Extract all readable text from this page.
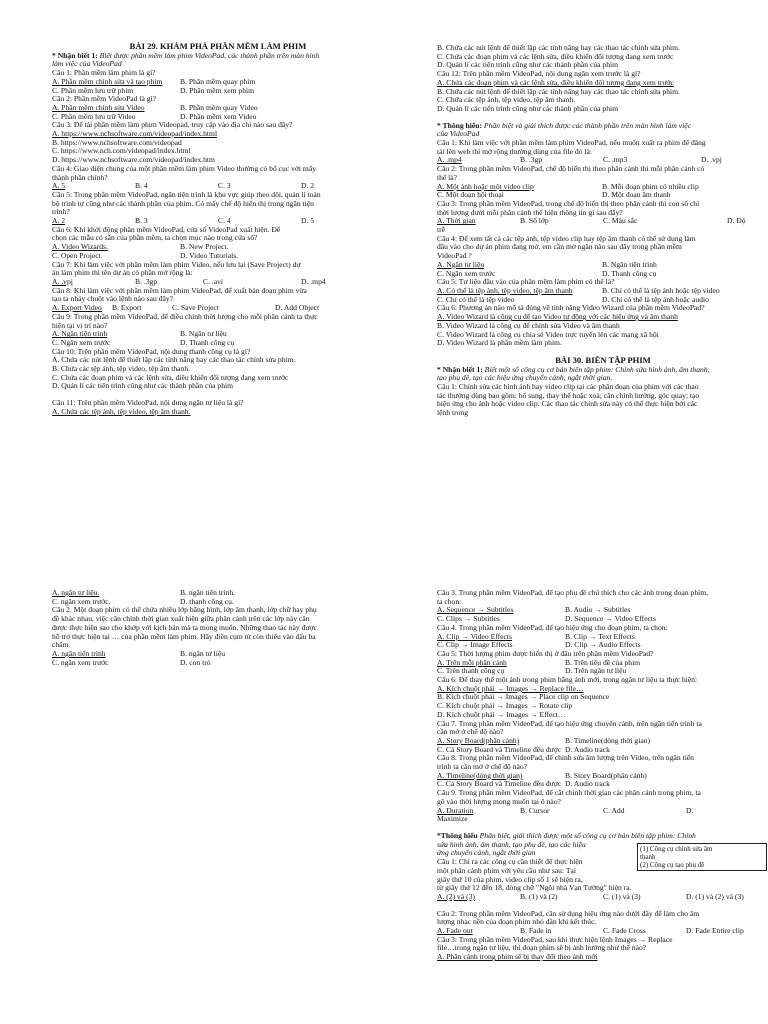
BÀI 29. KHÁM PHÁ PHẦN MỀM LÀM PHIM
* Nhận biết 1: Biết được phần mềm làm phim VideoPad, các thành phần trên màn hình
làm việc của VideoPad
Câu 1: Phần mềm làm phim là gì?
A. Phần mềm chỉnh sửa và tạo phim	B. Phần mềm quay phim
C. Phần mềm lưu trữ phim	D. Phần mềm xem phim
Câu 2: Phần mềm VideoPad là gì?
A. Phần mềm chỉnh sửa Video	B. Phần mềm quay Video
C. Phần mềm lưu trữ Video	D. Phần mềm xem Video
Câu 3: Để tải phần mềm làm phim Videopad, truy cập vào địa chỉ nào sau đây?
A. https://www.nchsoftware.com/videopad/index.html
B. https://www.nchsoftware.com/videopad
C. https://www.nch.com/videopad/index.html
D. https://www.nchsoftware.com/videopad/index.htm
Câu 4: Giao diện chung của một phần mềm làm phim Video thường có bố cục với mấy
thành phần chính?
A. 5	B. 4	C. 3	D. 2
Câu 5: Trong phần mềm VideoPad, ngăn tiện trình là khu vực giúp theo dõi, quản lí toàn
bộ trình tự cũng như các thành phần của phim. Có mấy chế độ hiển thị trong ngăn tiện
trình?
A. 2	B. 3	C. 4	D. 5
Câu 6: Khi khởi động phần mềm VideoPad, cửa sổ VideoPad xuất hiện. Để
chọn các mẫu có sẵn của phần mềm, ta chọn mục nào trong cửa sổ?
A. Video Wizards.	B. New Project.
C. Open Project.	D. Video Tutorials.
Câu 7: Khi làm việc với phần mềm làm phim Video, nếu lưu lại (Save Project) dự
án làm phim thì tên dự án có phần mở rộng là:
A. .vpj	B. .3gp	C. .avi	D. .mp4
Câu 8: Khi làm việc với phần mềm làm phim VideoPad, để xuất bản đoạn phim vừa
tạo ta nháy chuột vào lệnh nào sau đây?
A. Export Video	B. Export	C. Save Project	D. Add Object
Câu 9: Trong phần mềm VideoPad, để điều chỉnh thời lượng cho mỗi phân cảnh ta thực
hiện tại vị trí nào?
A. Ngăn tiện trình	B. Ngăn tư liệu
C. Ngăn xem trước	D. Thanh công cụ
Câu 10: Trên phần mềm VideoPad, nội dung thanh công cụ là gì?
A. Chứa các nút lệnh để thiết lập các tính năng hay các thao tác chỉnh sửa phim.
B. Chứa các tệp ảnh, tệp video, tệp âm thanh.
C. Chứa các đoạn phim và các lệnh sửa, điều khiển đối tượng đang xem trước
D. Quản lí các tiến trình cũng như các thành phần của phim
Câu 11: Trên phần mềm VideoPad, nội dung ngăn tư liệu là gì?
A. Chứa các tệp ảnh, tệp video, tệp âm thanh.
B. Chứa các nút lệnh để thiết lập các tính năng hay các thao tác chỉnh sửa phim.
C. Chứa các đoạn phim và các lệnh sửa, điều khiển đối tượng đang xem trước
D. Quản lí các tiến trình cũng như các thành phần của phim
Câu 12: Trên phần mềm VideoPad, nội dung ngăn xem trước là gì?
A. Chứa các đoạn phim và các lệnh sửa, điều khiển đối tượng đang xem trước
B. Chứa các nút lệnh để thiết lập các tính năng hay các thao tác chỉnh sửa phim.
C. Chứa các tệp ảnh, tệp video, tệp âm thanh.
D. Quản lí các tiến trình cũng như các thành phần của phim
* Thông hiểu: Phân biệt và giải thích được các thành phần trên màn hình làm việc
của VideoPad
Câu 1: Khi làm việc với phần mềm làm phim VideoPad, nếu muốn xuất ra phim để đăng
tải lên web thì mở rộng thường dùng của file đó là:
A. .mp4	B. .3gp	C. .mp3	D. .vpj
Câu 2: Trong phần mềm VideoPad, chế độ hiển thị theo phân cảnh thì mỗi phân cảnh có
thể là?
A. Một ảnh hoặc một video clip	B. Mỗi đoạn phim có nhiều clip
C. Một đoạn hội thoại	D. Một đoạn âm thanh
Câu 3: Trong phần mềm VideoPad, trong chế độ hiển thị theo phân cảnh thì con số chỉ
thời lượng dưới mỗi phân cảnh thể hiện thông tin gì sau đây?
A. Thời gian	B. Số lớp	C. Màu sắc	D. Độ
trễ
Câu 4: Để xem tất cả các tệp ảnh, tệp video clip hay tệp âm thanh có thể sử dụng làm
đầu vào cho dự án phim đang mở, em cần mở ngăn nào sau đây trong phần mềm
VideoPad ?
A. Ngăn tư liệu	B. Ngăn tiện trình
C. Ngăn xem trước	D. Thanh công cụ
Câu 5: Tư liệu đầu vào của phần mềm làm phim có thể là?
A. Có thể là tệp ảnh, tệp video, tệp âm thanh	B. Chỉ có thể là tệp ảnh hoặc tệp video
C. Chỉ có thể là tệp video	D. Chỉ có thể là tệp ảnh hoặc audio
Câu 6: Phương án nào mô tả đúng về tính năng Video Wizard của phần mềm VideoPad?
A. Video Wizard là công cụ để tạo Video tự động với các hiệu ứng và âm thanh
B. Video Wizard là công cụ để chỉnh sửa Video và âm thanh
C. Video Wizard là công cụ chia sẻ Video trực tuyến lên các mạng xã hội
D. Video Wizard là phần mềm làm phim.
BÀI 30. BIÊN TẬP PHIM
* Nhận biết 1: Biết một số công cụ cơ bản biên tập phim: Chỉnh sửa hình ảnh, âm thanh,
tạo phụ đề, tạo các hiệu ứng chuyển cảnh, ngắt thời gian.
Câu 1: Chỉnh sửa các hình ảnh hay video clip tại các phân đoạn của phim với các thao
tác thường dùng bao gồm: bổ sung, thay thế hoặc xoá; cân chỉnh hướng, góc quay; tạo
hiệu ứng cho ảnh hoặc video clip. Các thao tác chỉnh sửa này có thể thực hiện bởi các
lệnh trong
A. ngăn tư liệu.	B. ngăn tiến trình.
C. ngăn xem trước.	D. thanh công cụ.
Câu 2. Một đoạn phim có thể chứa nhiều lớp băng hình, lớp âm thanh, lớp chữ hay phụ
đề khác nhau, việc căn chỉnh thời gian xuất hiện giữa phân cảnh trên các lớp này cần
được thực hiện sao cho khớp với kịch bản mà ta mong muốn. Những thao tác này được
hỗ trợ thực hiện tại … của phần mềm làm phim. Hãy điền cụm từ còn thiếu vào dấu ba
chấm.
A. ngăn tiến trình	B. ngăn tư liệu
C. ngăn xem trước	D. con trỏ
Câu 3. Trong phần mềm VideoPad, để tạo phụ đề chú thích cho các ảnh trong đoạn phim,
ta chọn:
A. Sequence → Subtitles	B. Audio → Subtitles
C. Clips → Subtitles	D. Sequence → Video Effects
Câu 4. Trong phần mềm VideoPad, để tạo hiệu ứng cho đoạn phim, ta chọn:
A. Clip → Video Effects	B. Clip → Text Effects
C. Clip → Image Effects	D. Clip → Audio Effects
Câu 5: Thời lượng phim được hiển thị ở đâu trên phần mềm VideoPad?
A. Trên mỗi phân cảnh	B. Trên tiêu đề của phim
C. Trên thanh công cụ	D. Trên ngăn tư liệu
Câu 6: Để thay thế một ảnh trong phim bằng ảnh mới, trong ngăn tư liệu ta thực hiện:
A. Kích chuột phải → Images → Replace file…
B. Kích chuột phải → Images → Place clip on Sequence
C. Kích chuột phải → Images → Rotate clip
D. Kích chuột phải → Images → Effect…
Câu 7. Trong phần mềm VideoPad, để tạo hiệu ứng chuyển cảnh, trên ngăn tiến trình ta
cần mở ở chế độ nào?
A. Story Board(phân cảnh)	B. Timeline(dòng thời gian)
C. Cả Story Board và Timeline đều được D. Audio track
Câu 8. Trong phần mềm VideoPad, để chỉnh sửa âm lượng trên Video, trên ngăn tiến
trình ta cần mở ở chế độ nào?
A. Timeline(dòng thời gian)	B. Story Board(phân cảnh)
C. Cả Story Board và Timeline đều được D. Audio track
Câu 9. Trong phần mềm VideoPad, để cắt chỉnh thời gian các phân cảnh trong phim, ta
gõ vào thời lượng mong muốn tại ô nào?
A. Duration	B. Cursor	C. Add	D.
Maximize
*Thông hiểu Phân biệt, giải thích được một số công cụ cơ bản biên tập phim: Chỉnh
sửa hình ảnh, âm thanh, tạo phụ đề, tạo các hiệu
ứng chuyển cảnh, ngắt thời gian
Câu 1: Chỉ ra các công cụ cần thiết để thực hiện
một phân cảnh phim với yêu cầu như sau: Tại
giây thứ 10 của phim, video clip số 1 sẽ hiện ra,
từ giây thứ 12 đến 18, dòng chữ "Ngôi nhà Vạn Tường" hiện ra.
A. (2) và (3)	B. (1) và (2)	C. (1) và (3)	D. (1) và (2) và (3)
Câu 2: Trong phần mềm VideoPad, cần sử dụng hiệu ứng nào dưới đây để làm cho âm
lượng nhạc nền của đoạn phim nhỏ dần khi kết thúc.
A. Fade out	B. Fade in	C. Fade Cross	D. Fade Entire clip
Câu 3: Trong phần mềm VideoPad, sau khi thực hiện lệnh Images → Replace
file…trong ngăn tư liệu, thì đoạn phim sẽ bị ảnh hưởng như thế nào?
A. Phân cảnh trong phim sẽ bị thay đổi theo ảnh mới
(1) Công cụ chỉnh sửa âm
thanh
(2) Công cụ tạo phụ đề
